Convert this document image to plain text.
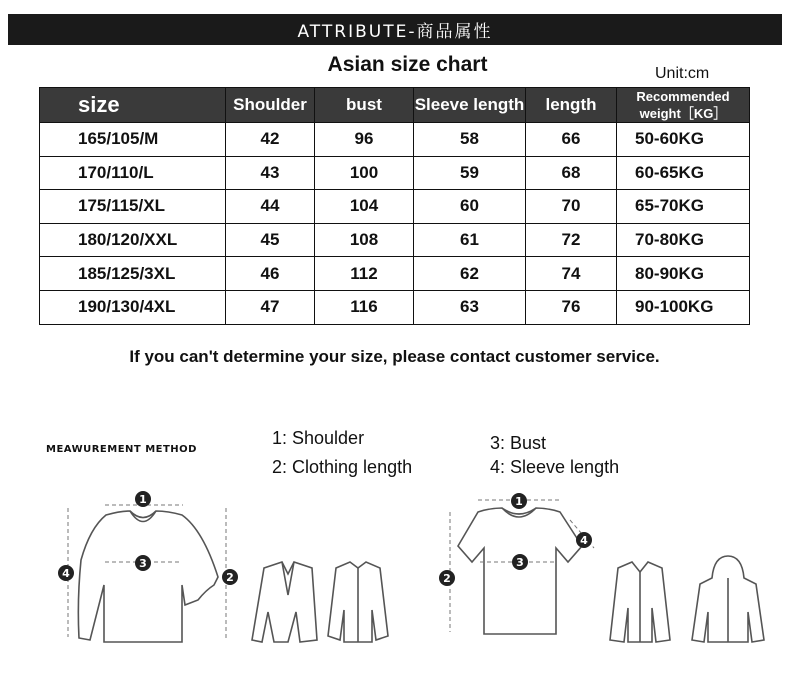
ATTRIBUTE-商品属性
Asian size chart	Unit:cm
size	Shoulder	bust	Sleeve length	length	Recommended weight［KG］
165/105/M	42	96	58	66	50-60KG
170/110/L	43	100	59	68	60-65KG
175/115/XL	44	104	60	70	65-70KG
180/120/XXL	45	108	61	72	70-80KG
185/125/3XL	46	112	62	74	80-90KG
190/130/4XL	47	116	63	76	90-100KG
If you can't determine your size, please contact customer service.
MEAWUREMENT METHOD
1: Shoulder
2: Clothing length
3: Bust
4: Sleeve length
1
3
4	2
1
3
4
2
